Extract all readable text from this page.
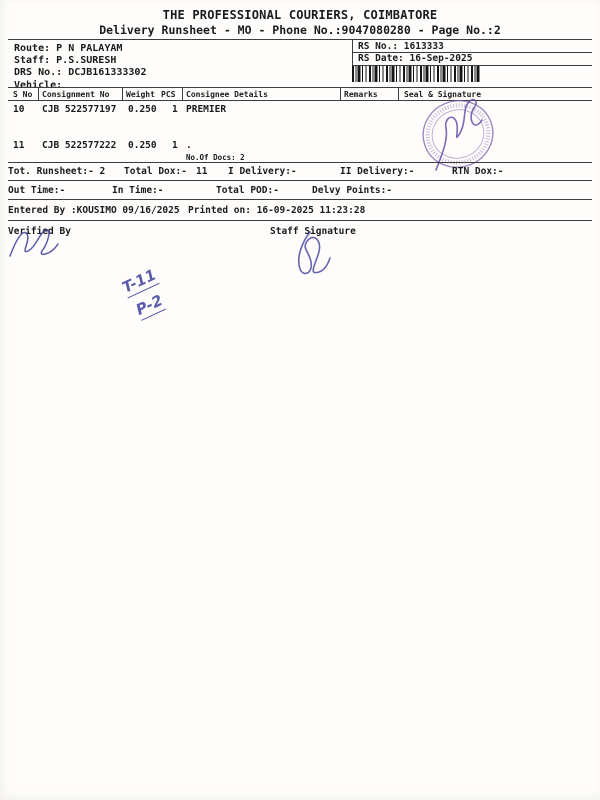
THE PROFESSIONAL COURIERS, COIMBATORE
Delivery Runsheet - MO - Phone No.:9047080280 - Page No.:2
Route: P N PALAYAM
Staff: P.S.SURESH
DRS No.: DCJB161333302
Vehicle:
RS No.: 1613333
RS Date: 16-Sep-2025
S No Consignment No Weight PCS Consignee Details	Remarks	Seal & Signature
10 CJB 522577197 0.250 1 PREMIER
11 CJB 522577222 0.250 1 .
No.Of Docs: 2
Tot. Runsheet:- 2 Total Dox:- 11 I Delivery:-	II Delivery:-	RTN Dox:-
Out Time:-	In Time:-	Total POD:-	Delvy Points:-
Entered By :KOUSIMO 09/16/2025 Printed on: 16-09-2025 11:23:28
Verified By	Staff Signature
T-11
P-2
